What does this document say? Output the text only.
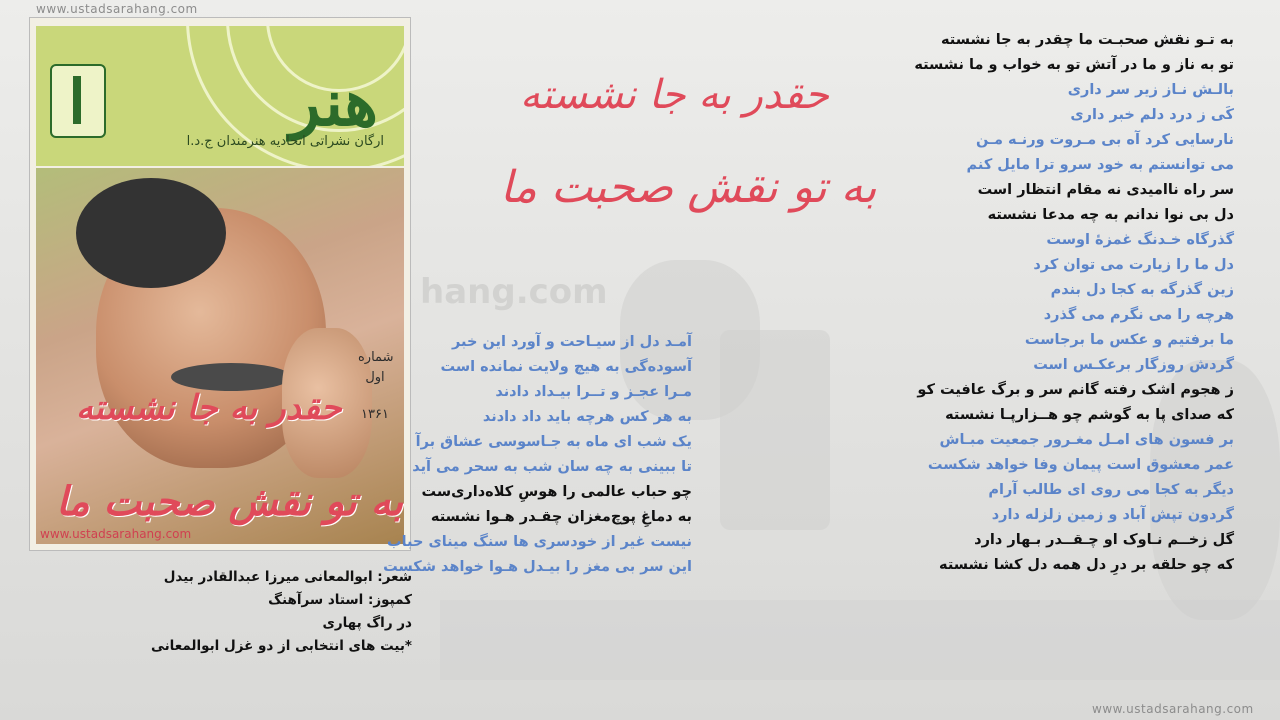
www.ustadsarahang.com
www.ustadsarahang.com
hang.com
هنر
ارگان نشراتی اتحادیه هنرمندان ج.د.ا
شماره
اول
۱۳۶۱
حقدر به جا نشسته
به تو نقش صحبت ما
www.ustadsarahang.com
حقدر به جا نشسته
به تو نقش صحبت ما
به تـو نقش صحبـت ما چقدر به جا نشسته
تو به ناز و ما در آتش تو به خواب و ما نشسته
بالـش نـاز زیر سر داری
کَی ز درد دلم خبر داری
نارسایی کرد آه بی مـروت ورنـه مـن
می توانستم به خود سرو ترا مایل کنم
سر راه ناامیدی نه مقام انتظار است
دل بی نوا ندانم به چه مدعا نشسته
گذرگاه خـدنگ غمزۀ اوست
دل ما را زیارت می توان کرد
زین گذرگه به کجا دل بندم
هرچه را می نگرم می گذرد
ما برفتیم و عکس ما برجاست
گردش روزگار برعکـس است
ز هجوم اشک رفته گانم سر و برگ عافیت کو
که صدای پا به گوشم چو هــزارپـا نشسته
بر فسون های امـل مغـرور جمعیت مبـاش
عمر معشوق است پیمان وفا خواهد شکست
دیگر به کجا می روی ای طالب آرام
گردون تپش آباد و زمین زلزله دارد
گل زخــم نـاوک او چـقــدر بـهار دارد
که چو حلقه بر درِ دل همه دل کشا نشسته
آمـد دل از سیـاحت و آورد این خبر
آسوده‌گی به هیچ ولایت نمانده است
مـرا عجـز و تــرا بیـداد دادند
به هر کس هرچه باید داد دادند
یک شب ای ماه به جـاسوسی عشاق برآ
تا ببینی به چه سان شب به سحر می آید
چو حباب عالمی را هوسِ کلاه‌داری‌ست
به دماغِ پوچ‌مغزان چقـدر هـوا نشسته
نیست غیر از خودسری ها سنگ مینای حباب
این سر بی مغز را بیـدل هـوا خواهد شکست
شعر: ابوالمعانی میرزا عبدالقادر بیدل
کمپوز: استاد سرآهنگ
در راگ پهاری
*بیت های انتخابی از دو غزل ابوالمعانی
